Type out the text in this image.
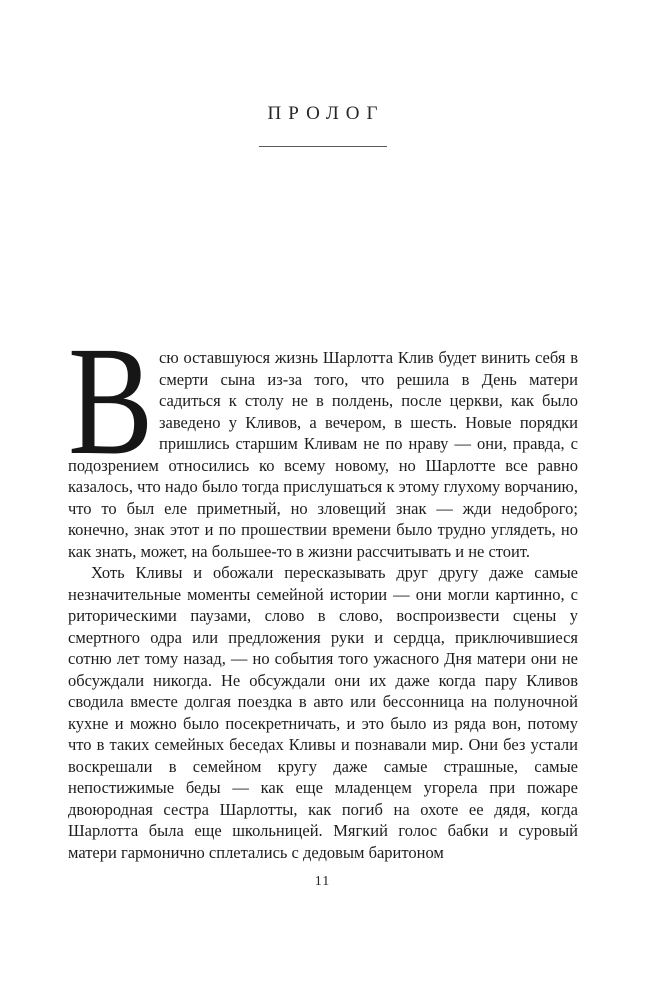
ПРОЛОГ

Всю оставшуюся жизнь Шарлотта Клив будет винить себя в смерти сына из-за того, что решила в День матери садиться к столу не в полдень, после церкви, как было заведено у Кливов, а вечером, в шесть. Новые порядки пришлись старшим Кливам не по нраву — они, правда, с подозрением относились ко всему новому, но Шарлотте все равно казалось, что надо было тогда прислушаться к этому глухому ворчанию, что то был еле приметный, но зловещий знак — жди недоброго; конечно, знак этот и по прошествии времени было трудно углядеть, но как знать, может, на большее-то в жизни рассчитывать и не стоит.

Хоть Кливы и обожали пересказывать друг другу даже самые незначительные моменты семейной истории — они могли картинно, с риторическими паузами, слово в слово, воспроизвести сцены у смертного одра или предложения руки и сердца, приключившиеся сотню лет тому назад, — но события того ужасного Дня матери они не обсуждали никогда. Не обсуждали они их даже когда пару Кливов сводила вместе долгая поездка в авто или бессонница на полуночной кухне и можно было посекретничать, и это было из ряда вон, потому что в таких семейных беседах Кливы и познавали мир. Они без устали воскрешали в семейном кругу даже самые страшные, самые непостижимые беды — как еще младенцем угорела при пожаре двоюродная сестра Шарлотты, как погиб на охоте ее дядя, когда Шарлотта была еще школьницей. Мягкий голос бабки и суровый матери гармонично сплетались с дедовым баритоном

11
